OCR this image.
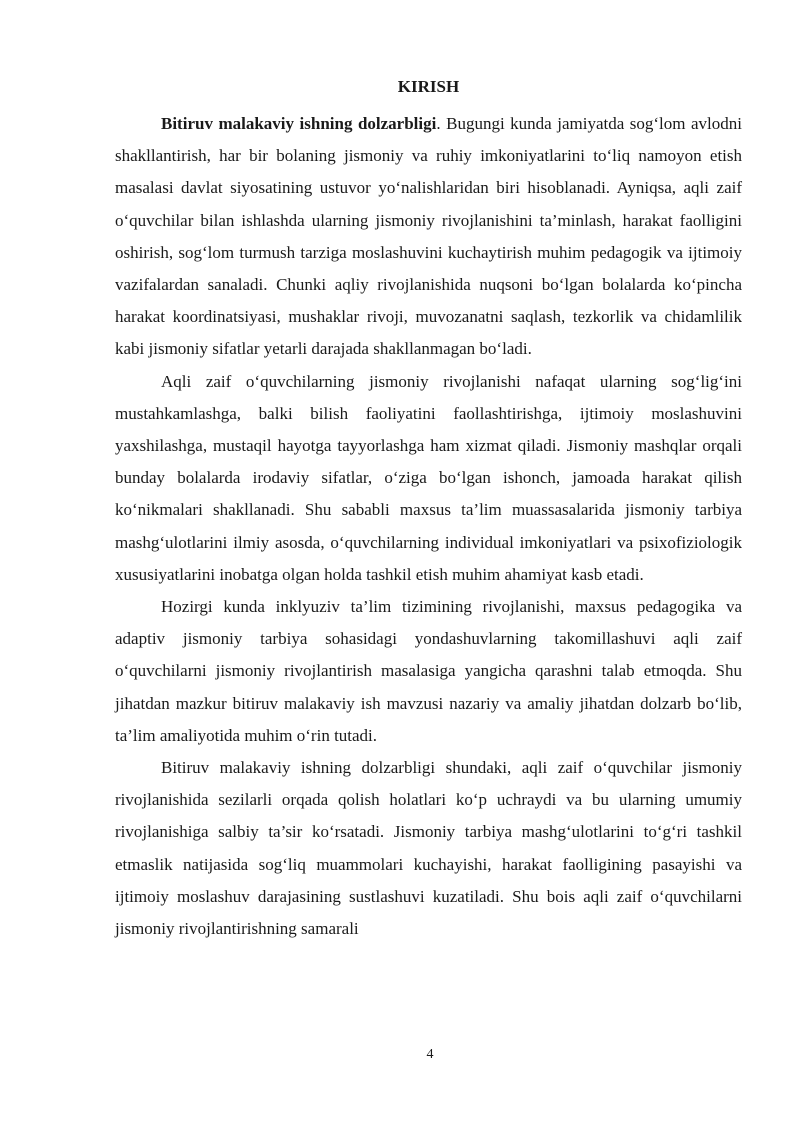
KIRISH

Bitiruv malakaviy ishning dolzarbligi. Bugungi kunda jamiyatda sog‘lom avlodni shakllantirish, har bir bolaning jismoniy va ruhiy imkoniyatlarini to‘liq namoyon etish masalasi davlat siyosatining ustuvor yo‘nalishlaridan biri hisoblanadi. Ayniqsa, aqli zaif o‘quvchilar bilan ishlashda ularning jismoniy rivojlanishini ta’minlash, harakat faolligini oshirish, sog‘lom turmush tarziga moslashuvini kuchaytirish muhim pedagogik va ijtimoiy vazifalardan sanaladi. Chunki aqliy rivojlanishida nuqsoni bo‘lgan bolalarda ko‘pincha harakat koordinatsiyasi, mushaklar rivoji, muvozanatni saqlash, tezkorlik va chidamlilik kabi jismoniy sifatlar yetarli darajada shakllanmagan bo‘ladi.

Aqli zaif o‘quvchilarning jismoniy rivojlanishi nafaqat ularning sog‘lig‘ini mustahkamlashga, balki bilish faoliyatini faollashtirishga, ijtimoiy moslashuvini yaxshilashga, mustaqil hayotga tayyorlashga ham xizmat qiladi. Jismoniy mashqlar orqali bunday bolalarda irodaviy sifatlar, o‘ziga bo‘lgan ishonch, jamoada harakat qilish ko‘nikmalari shakllanadi. Shu sababli maxsus ta’lim muassasalarida jismoniy tarbiya mashg‘ulotlarini ilmiy asosda, o‘quvchilarning individual imkoniyatlari va psixofiziologik xususiyatlarini inobatga olgan holda tashkil etish muhim ahamiyat kasb etadi.

Hozirgi kunda inklyuziv ta’lim tizimining rivojlanishi, maxsus pedagogika va adaptiv jismoniy tarbiya sohasidagi yondashuvlarning takomillashuvi aqli zaif o‘quvchilarni jismoniy rivojlantirish masalasiga yangicha qarashni talab etmoqda. Shu jihatdan mazkur bitiruv malakaviy ish mavzusi nazariy va amaliy jihatdan dolzarb bo‘lib, ta’lim amaliyotida muhim o‘rin tutadi.

Bitiruv malakaviy ishning dolzarbligi shundaki, aqli zaif o‘quvchilar jismoniy rivojlanishida sezilarli orqada qolish holatlari ko‘p uchraydi va bu ularning umumiy rivojlanishiga salbiy ta’sir ko‘rsatadi. Jismoniy tarbiya mashg‘ulotlarini to‘g‘ri tashkil etmaslik natijasida sog‘liq muammolari kuchayishi, harakat faolligining pasayishi va ijtimoiy moslashuv darajasining sustlashuvi kuzatiladi. Shu bois aqli zaif o‘quvchilarni jismoniy rivojlantirishning samarali

4
